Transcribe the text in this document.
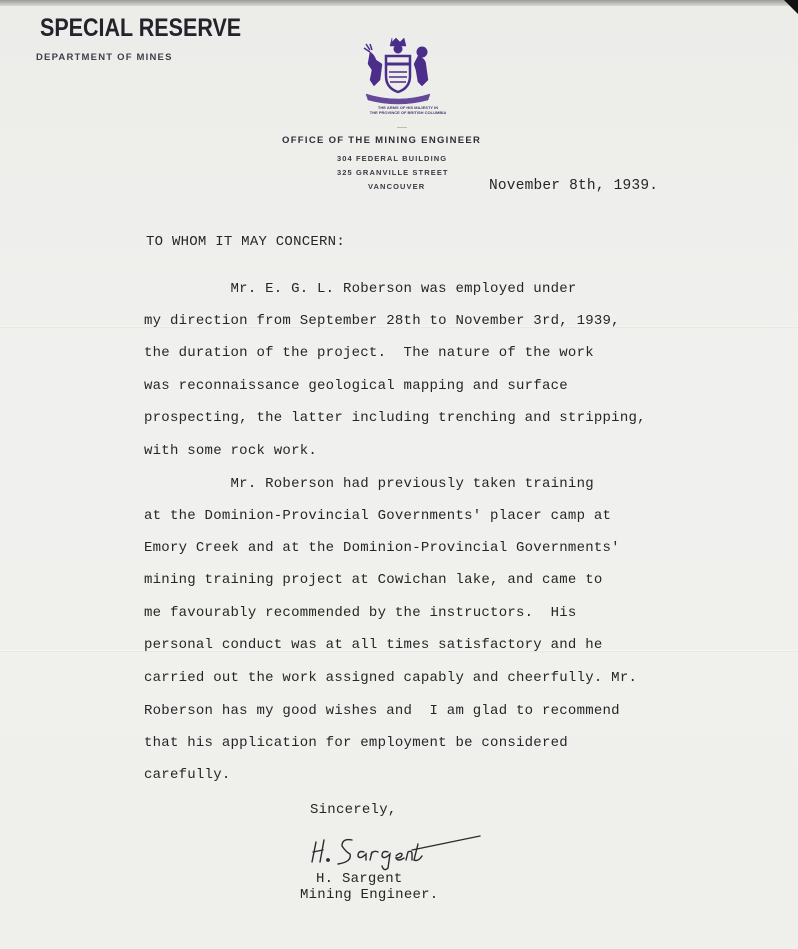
SPECIAL RESERVE
DEPARTMENT OF MINES
THE ARMS OF HIS MAJESTY IN
THE PROVINCE OF BRITISH COLUMBIA
OFFICE OF THE MINING ENGINEER
304 FEDERAL BUILDING
325 GRANVILLE STREET
VANCOUVER	November 8th, 1939.
TO WHOM IT MAY CONCERN:
Mr. E. G. L. Roberson was employed under
my direction from September 28th to November 3rd, 1939,
the duration of the project.  The nature of the work
was reconnaissance geological mapping and surface
prospecting, the latter including trenching and stripping,
with some rock work.
Mr. Roberson had previously taken training
at the Dominion-Provincial Governments' placer camp at
Emory Creek and at the Dominion-Provincial Governments'
mining training project at Cowichan lake, and came to
me favourably recommended by the instructors.  His
personal conduct was at all times satisfactory and he
carried out the work assigned capably and cheerfully. Mr.
Roberson has my good wishes and  I am glad to recommend
that his application for employment be considered
carefully.
Sincerely,
H. Sargent
Mining Engineer.
